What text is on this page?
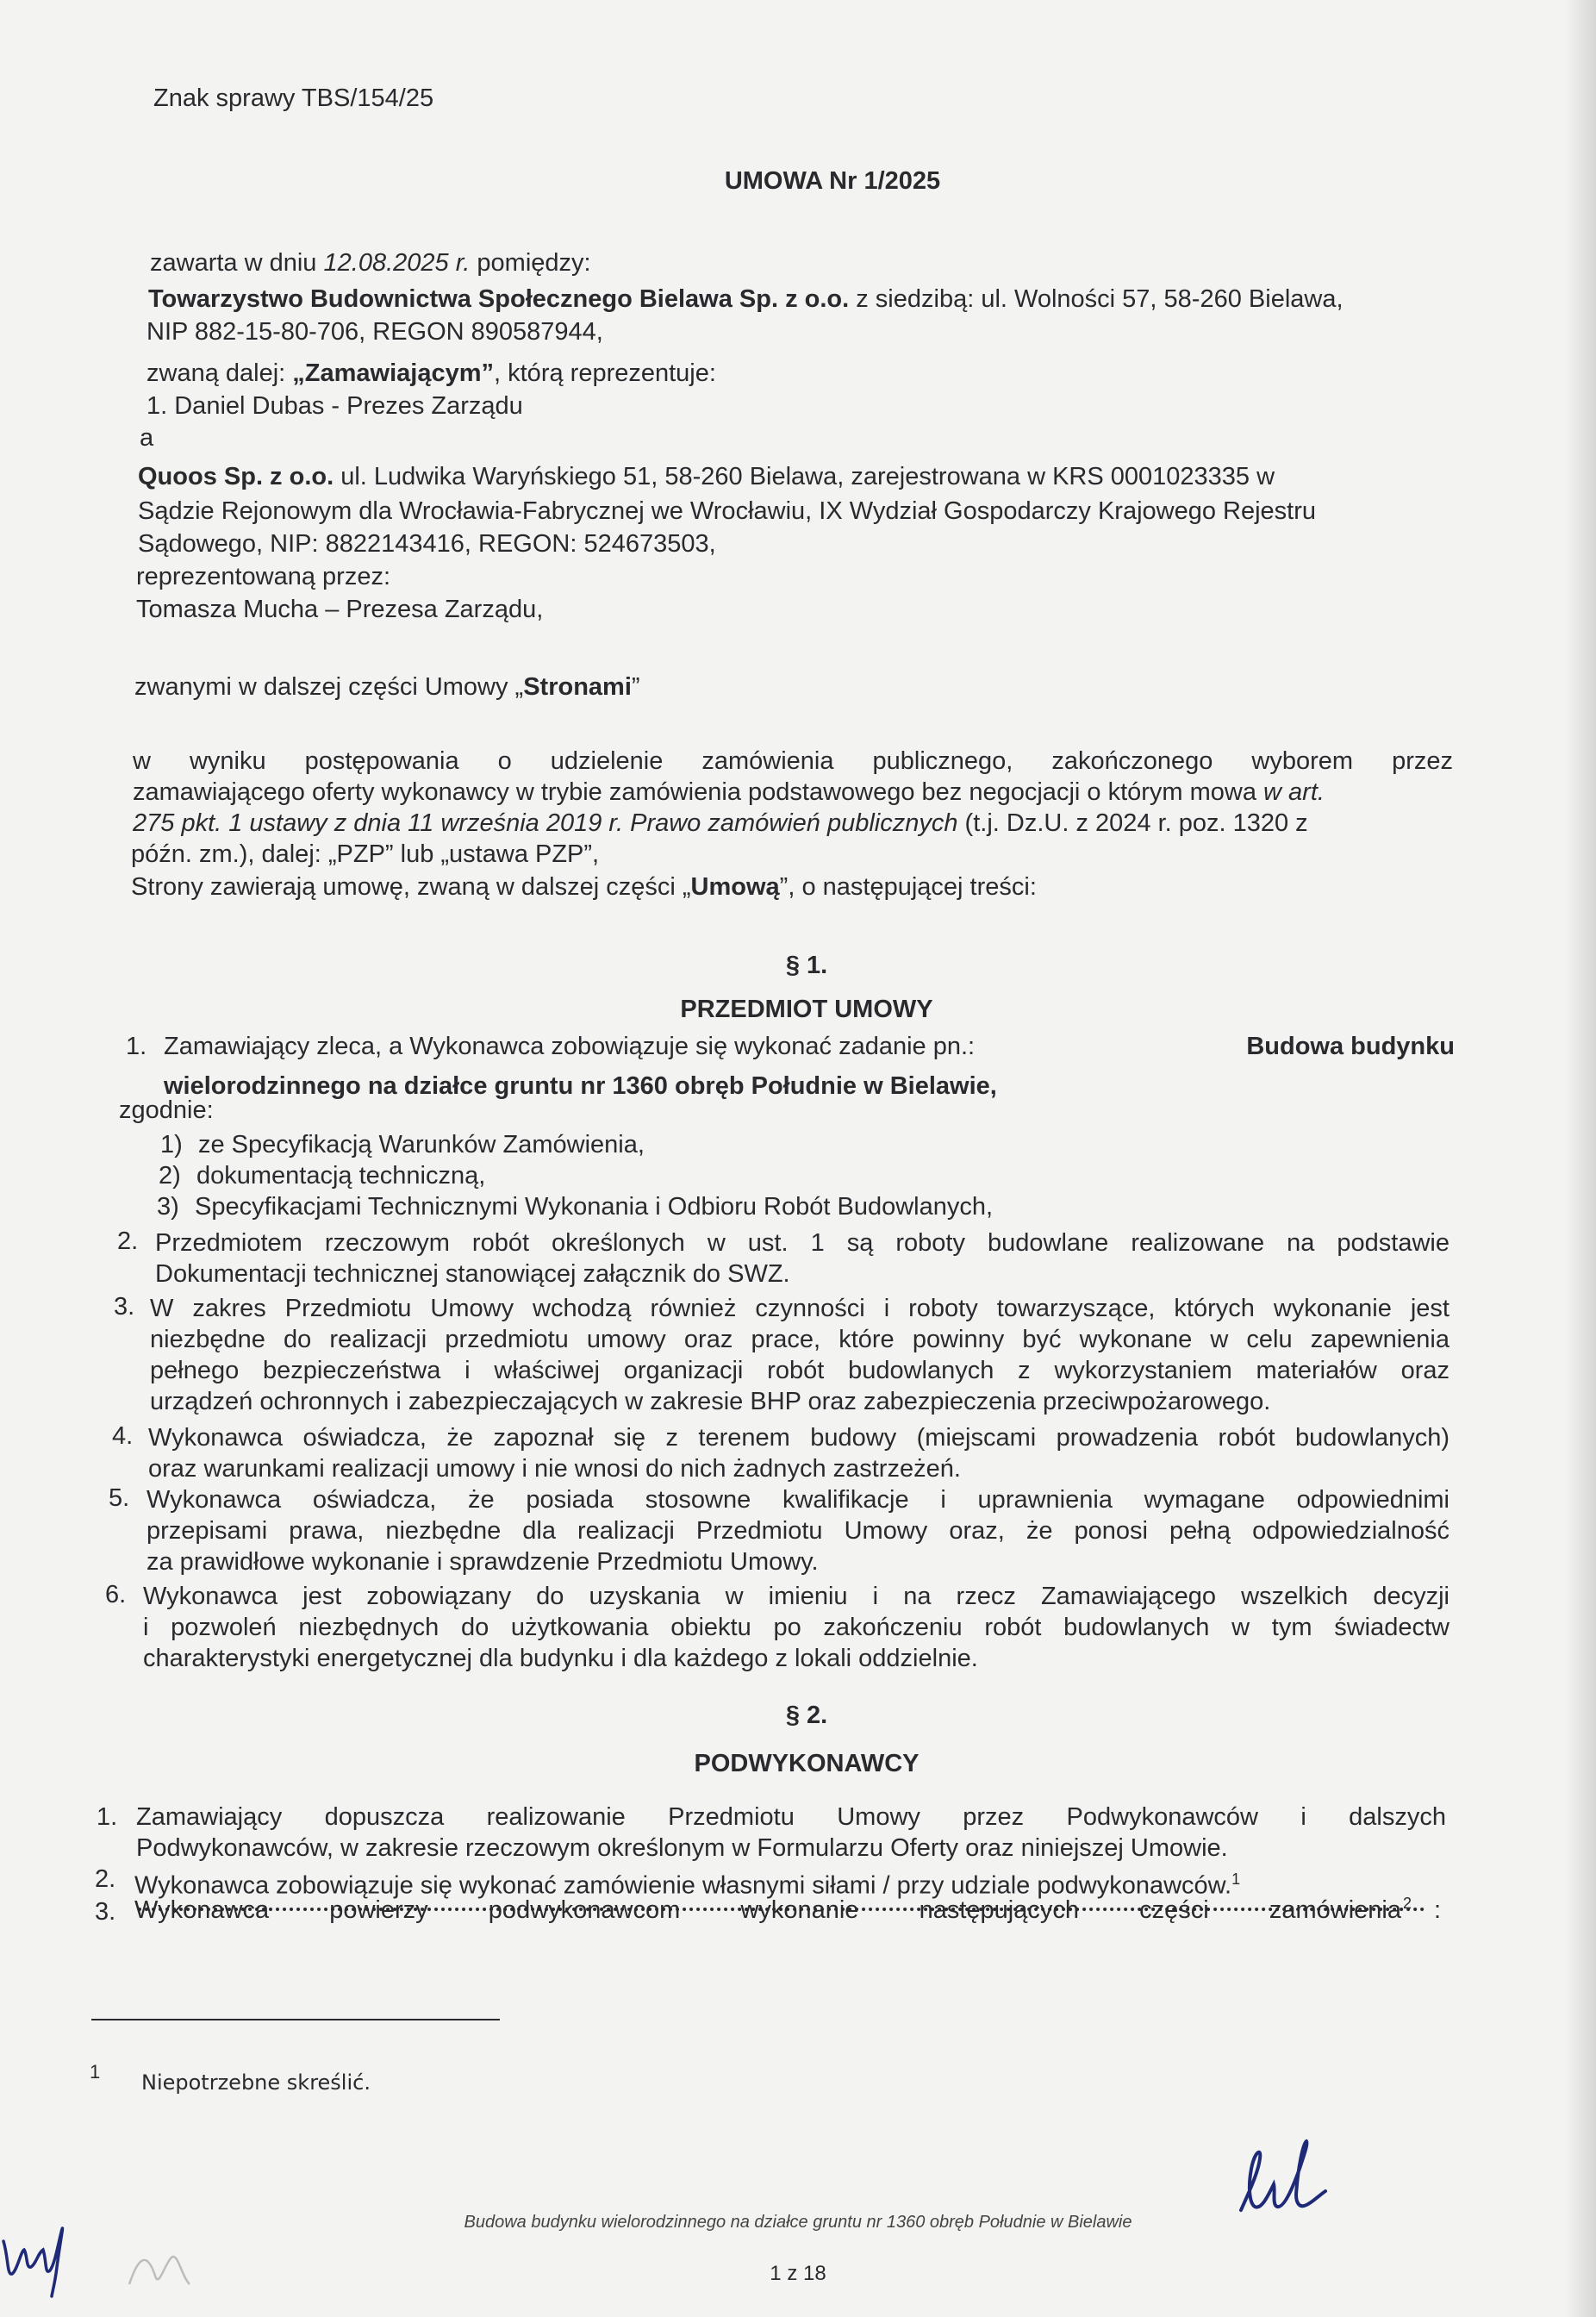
Znak sprawy TBS/154/25
UMOWA Nr 1/2025
zawarta w dniu 12.08.2025 r. pomiędzy:
Towarzystwo Budownictwa Społecznego Bielawa Sp. z o.o. z siedzibą: ul. Wolności 57, 58-260 Bielawa,
NIP 882-15-80-706, REGON 890587944,
zwaną dalej: „Zamawiającym”, którą reprezentuje:
1. Daniel Dubas - Prezes Zarządu
a
Quoos Sp. z o.o. ul. Ludwika Waryńskiego 51, 58-260 Bielawa, zarejestrowana w KRS 0001023335 w
Sądzie Rejonowym dla Wrocławia-Fabrycznej we Wrocławiu, IX Wydział Gospodarczy Krajowego Rejestru
Sądowego, NIP: 8822143416, REGON: 524673503,
reprezentowaną przez:
Tomasza Mucha – Prezesa Zarządu,
zwanymi w dalszej części Umowy „Stronami”
w wyniku postępowania o udzielenie zamówienia publicznego, zakończonego wyborem przez
zamawiającego oferty wykonawcy w trybie zamówienia podstawowego bez negocjacji o którym mowa w art.
275 pkt. 1 ustawy z dnia 11 września 2019 r. Prawo zamówień publicznych (t.j. Dz.U. z 2024 r. poz. 1320 z
późn. zm.), dalej: „PZP” lub „ustawa PZP”,
Strony zawierają umowę, zwaną w dalszej części „Umową”, o następującej treści:
§ 1.
PRZEDMIOT UMOWY
1. Zamawiający zleca, a Wykonawca zobowiązuje się wykonać zadanie pn.:	Budowa budynku
wielorodzinnego na działce gruntu nr 1360 obręb Południe w Bielawie,
zgodnie:
1) ze Specyfikacją Warunków Zamówienia,
2) dokumentacją techniczną,
3) Specyfikacjami Technicznymi Wykonania i Odbioru Robót Budowlanych,
2. Przedmiotem rzeczowym robót określonych w ust. 1 są roboty budowlane realizowane na podstawie
Dokumentacji technicznej stanowiącej załącznik do SWZ.
3. W zakres Przedmiotu Umowy wchodzą również czynności i roboty towarzyszące, których wykonanie jest
niezbędne do realizacji przedmiotu umowy oraz prace, które powinny być wykonane w celu zapewnienia
pełnego bezpieczeństwa i właściwej organizacji robót budowlanych z wykorzystaniem materiałów oraz
urządzeń ochronnych i zabezpieczających w zakresie BHP oraz zabezpieczenia przeciwpożarowego.
4. Wykonawca oświadcza, że zapoznał się z terenem budowy (miejscami prowadzenia robót budowlanych)
oraz warunkami realizacji umowy i nie wnosi do nich żadnych zastrzeżeń.
5. Wykonawca oświadcza, że posiada stosowne kwalifikacje i uprawnienia wymagane odpowiednimi
przepisami prawa, niezbędne dla realizacji Przedmiotu Umowy oraz, że ponosi pełną odpowiedzialność
za prawidłowe wykonanie i sprawdzenie Przedmiotu Umowy.
6. Wykonawca jest zobowiązany do uzyskania w imieniu i na rzecz Zamawiającego wszelkich decyzji
i pozwoleń niezbędnych do użytkowania obiektu po zakończeniu robót budowlanych w tym świadectw
charakterystyki energetycznej dla budynku i dla każdego z lokali oddzielnie.
§ 2.
PODWYKONAWCY
1. Zamawiający dopuszcza realizowanie Przedmiotu Umowy przez Podwykonawców i dalszych
Podwykonawców, w zakresie rzeczowym określonym w Formularzu Oferty oraz niniejszej Umowie.
2. Wykonawca zobowiązuje się wykonać zamówienie własnymi siłami / przy udziale podwykonawców.$^1$
3. Wykonawca powierzy podwykonawcom wykonanie następujących części zamówienia 2 :
1 Niepotrzebne skreślić.
Budowa budynku wielorodzinnego na działce gruntu nr 1360 obręb Południe w Bielawie
1 z 18
